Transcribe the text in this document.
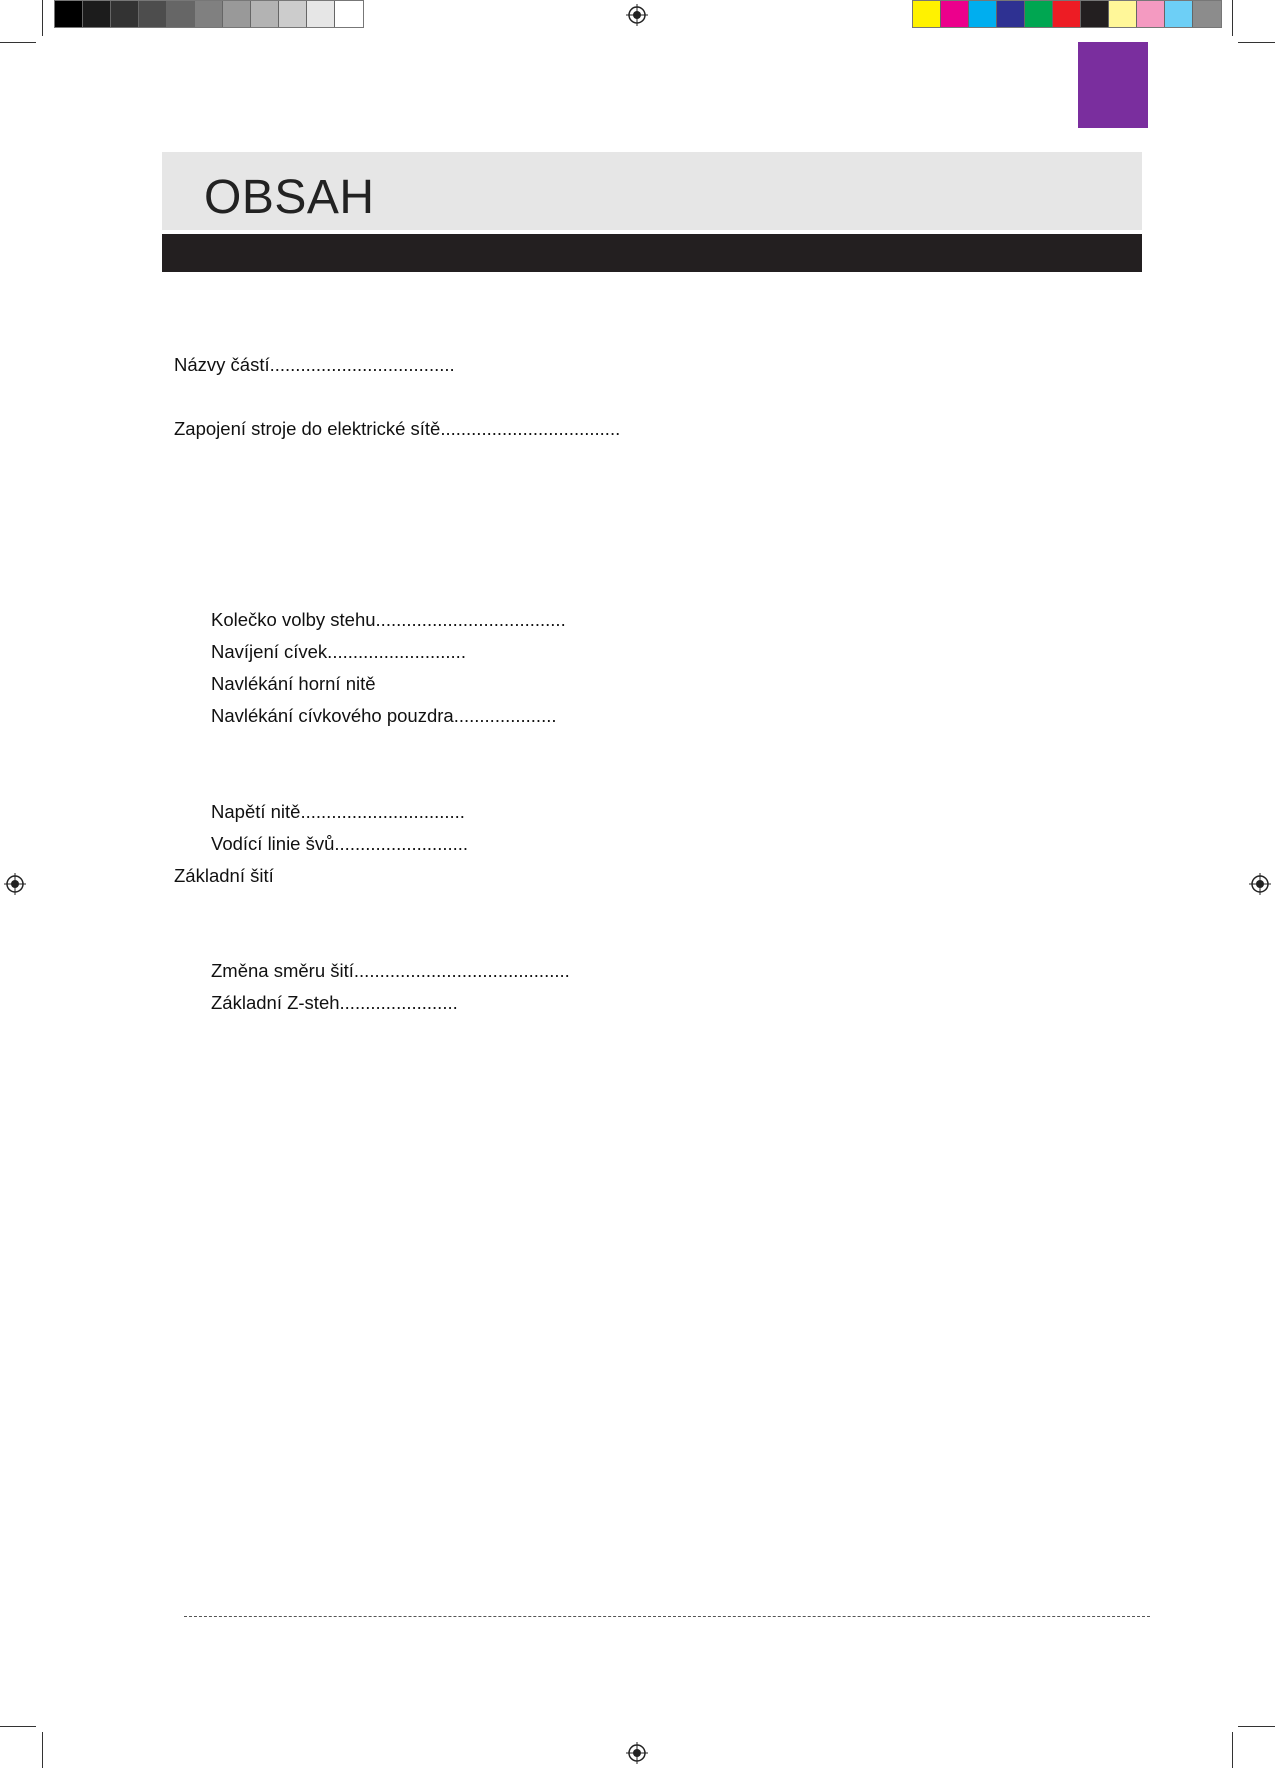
OBSAH
Názvy částí....................................
Zapojení stroje do elektrické sítě...................................
Kolečko volby stehu.....................................
Navíjení cívek...........................
Navlékání horní nitě
Navlékání cívkového pouzdra....................
Napětí nitě................................
Vodící linie švů..........................
Základní šití
Změna směru šití..........................................
Základní Z-steh.......................
